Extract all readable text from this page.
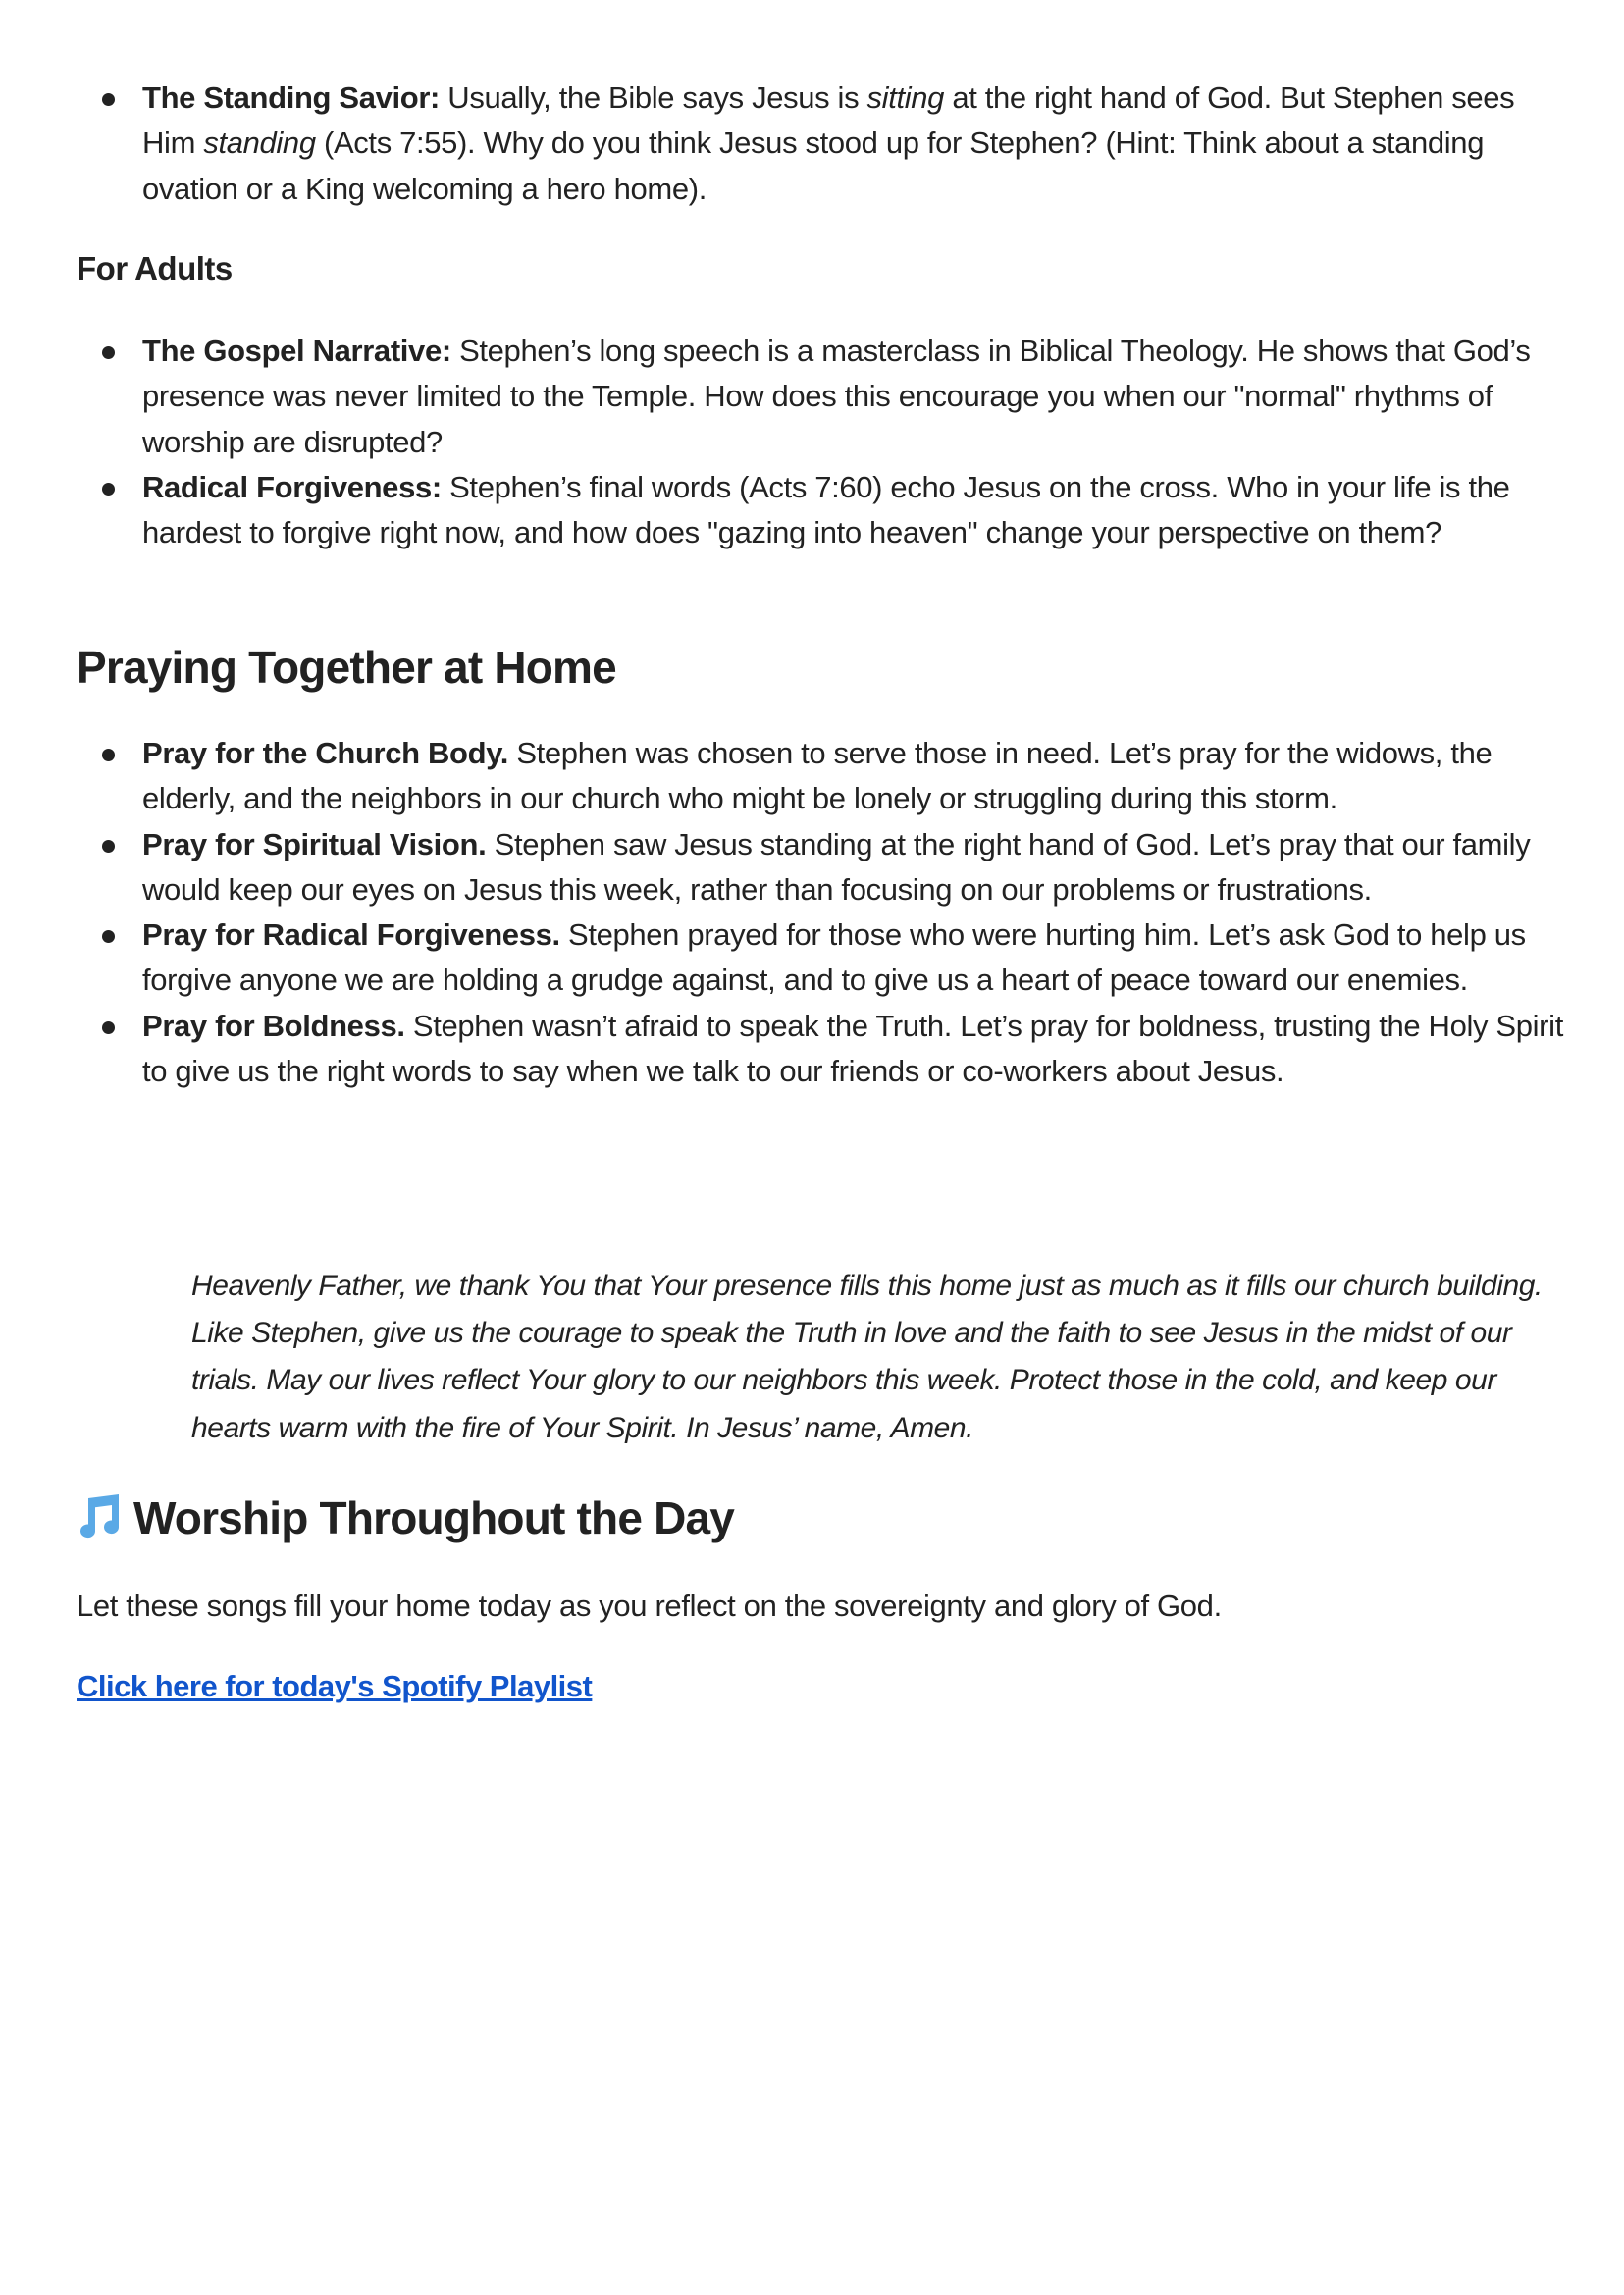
The Standing Savior: Usually, the Bible says Jesus is sitting at the right hand of God. But Stephen sees Him standing (Acts 7:55). Why do you think Jesus stood up for Stephen? (Hint: Think about a standing ovation or a King welcoming a hero home).
For Adults
The Gospel Narrative: Stephen’s long speech is a masterclass in Biblical Theology. He shows that God’s presence was never limited to the Temple. How does this encourage you when our "normal" rhythms of worship are disrupted?
Radical Forgiveness: Stephen’s final words (Acts 7:60) echo Jesus on the cross. Who in your life is the hardest to forgive right now, and how does "gazing into heaven" change your perspective on them?
Praying Together at Home
Pray for the Church Body. Stephen was chosen to serve those in need. Let’s pray for the widows, the elderly, and the neighbors in our church who might be lonely or struggling during this storm.
Pray for Spiritual Vision. Stephen saw Jesus standing at the right hand of God. Let’s pray that our family would keep our eyes on Jesus this week, rather than focusing on our problems or frustrations.
Pray for Radical Forgiveness. Stephen prayed for those who were hurting him. Let’s ask God to help us forgive anyone we are holding a grudge against, and to give us a heart of peace toward our enemies.
Pray for Boldness. Stephen wasn’t afraid to speak the Truth. Let’s pray for boldness, trusting the Holy Spirit to give us the right words to say when we talk to our friends or co-workers about Jesus.
Heavenly Father, we thank You that Your presence fills this home just as much as it fills our church building. Like Stephen, give us the courage to speak the Truth in love and the faith to see Jesus in the midst of our trials. May our lives reflect Your glory to our neighbors this week. Protect those in the cold, and keep our hearts warm with the fire of Your Spirit. In Jesus’ name, Amen.
Worship Throughout the Day
Let these songs fill your home today as you reflect on the sovereignty and glory of God.
Click here for today's Spotify Playlist
